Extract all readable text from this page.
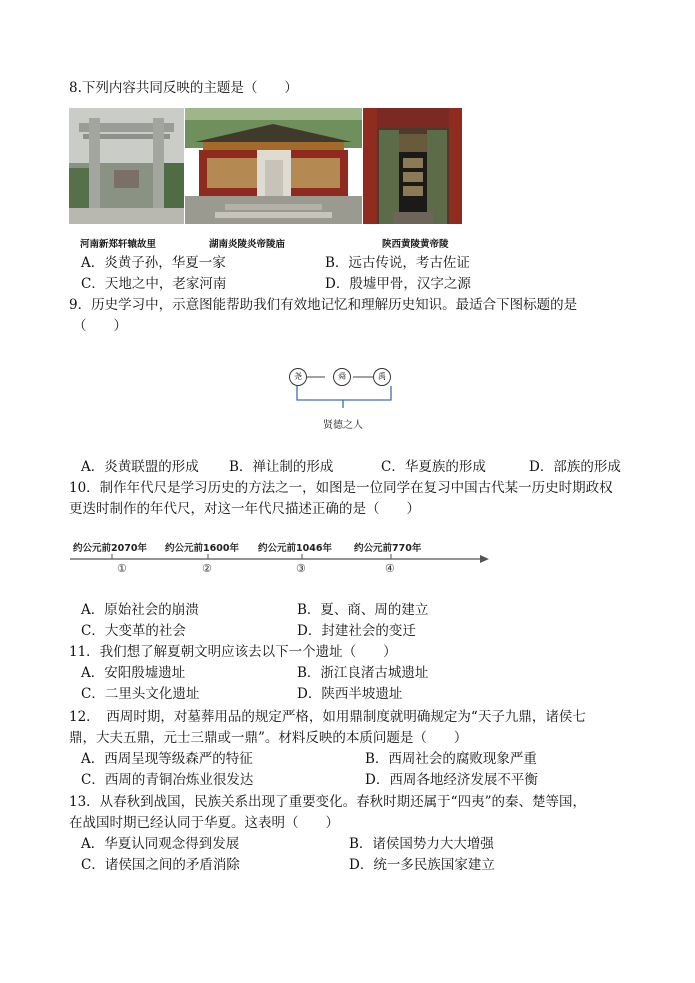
8.下列内容共同反映的主题是（　　）
河南新郑轩辕故里	湖南炎陵炎帝陵庙	陕西黄陵黄帝陵
A．炎黄子孙，华夏一家	B．远古传说，考古佐证
C．天地之中，老家河南	D．殷墟甲骨，汉字之源
9．历史学习中，示意图能帮助我们有效地记忆和理解历史知识。最适合下图标题的是
（　　）
尧	舜	禹
贤德之人
A．炎黄联盟的形成 B．禅让制的形成	C．华夏族的形成	D．部族的形成
10．制作年代尺是学习历史的方法之一，如图是一位同学在复习中国古代某一历史时期政权
更迭时制作的年代尺，对这一年代尺描述正确的是（　　）
约公元前2070年 约公元前1600年 约公元前1046年 约公元前770年
①	②	③	④
A．原始社会的崩溃	B．夏、商、周的建立
C．大变革的社会	D．封建社会的变迁
11．我们想了解夏朝文明应该去以下一个遗址（　　）
A．安阳殷墟遗址	B．浙江良渚古城遗址
C．二里头文化遗址	D．陕西半坡遗址
12．　西周时期，对墓葬用品的规定严格，如用鼎制度就明确规定为“天子九鼎，诸侯七
鼎，大夫五鼎，元士三鼎或一鼎”。材料反映的本质问题是（　　）
A．西周呈现等级森严的特征	B．西周社会的腐败现象严重
C．西周的青铜冶炼业很发达	D．西周各地经济发展不平衡
13．从春秋到战国，民族关系出现了重要变化。春秋时期还属于“四夷”的秦、楚等国，
在战国时期已经认同于华夏。这表明（　　）
A．华夏认同观念得到发展	B．诸侯国势力大大增强
C．诸侯国之间的矛盾消除	D．统一多民族国家建立
